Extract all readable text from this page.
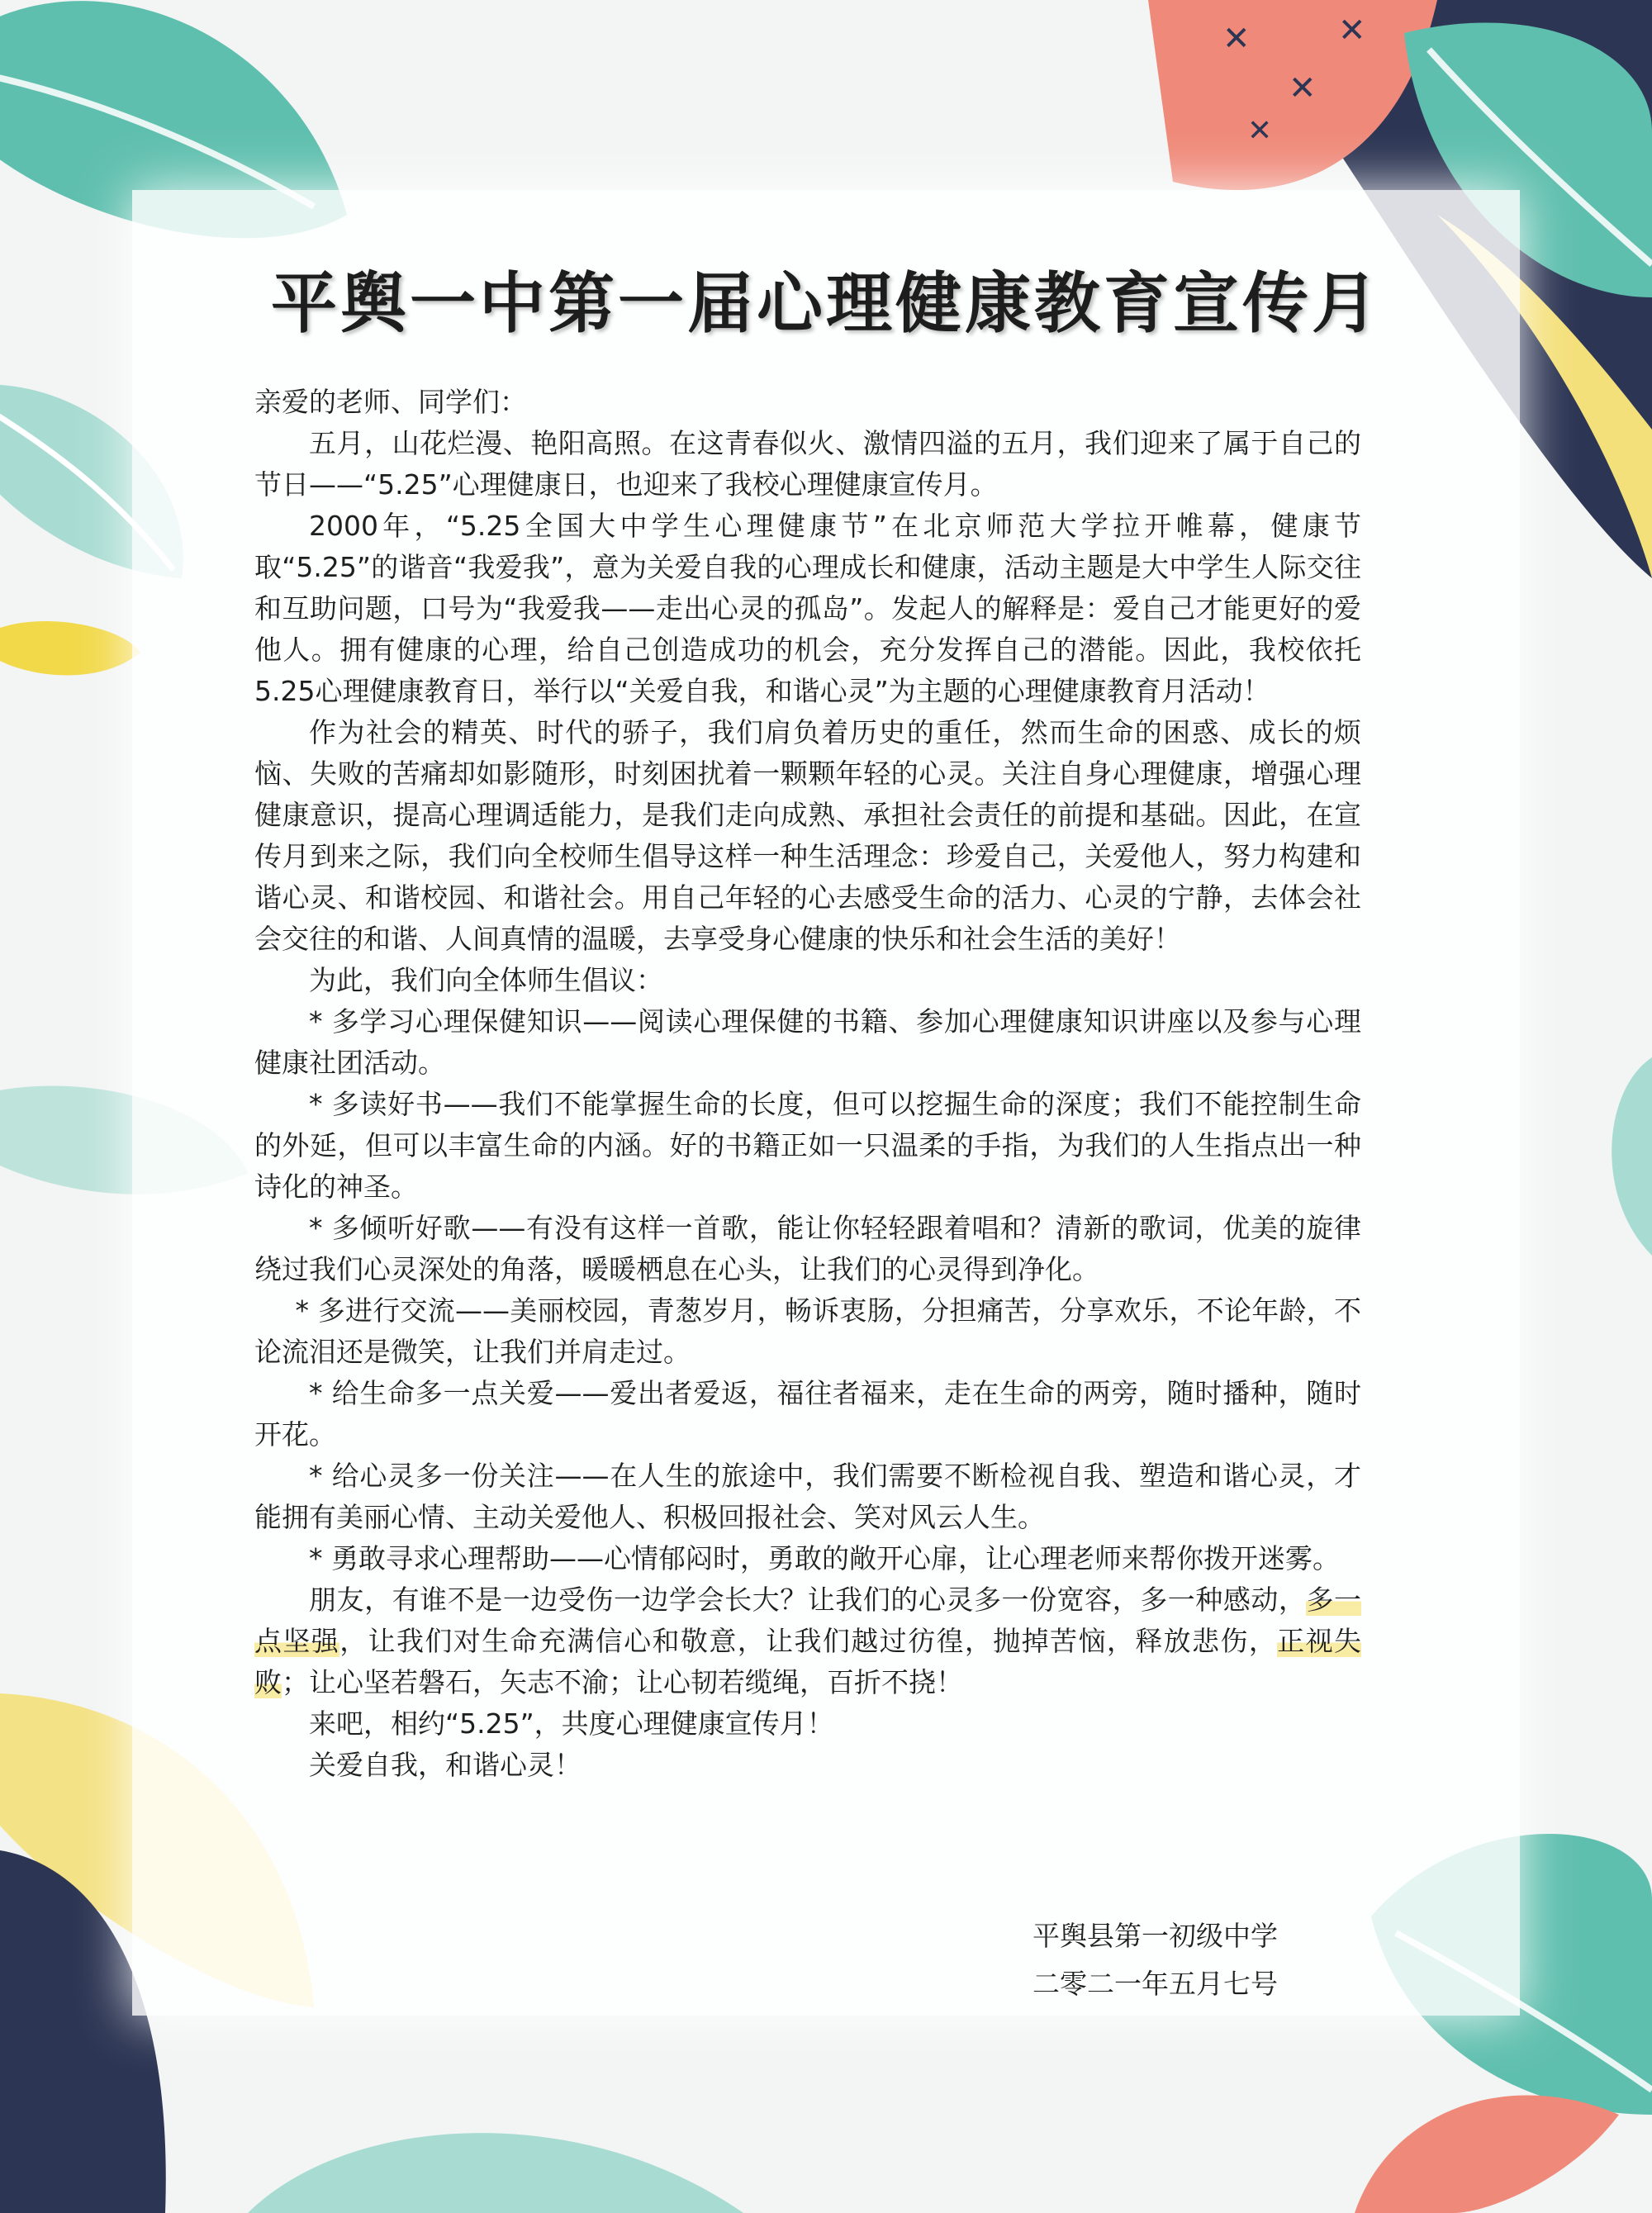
✕
✕
✕
✕
平舆一中第一届心理健康教育宣传月

亲爱的老师、同学们：

五月，山花烂漫、艳阳高照。在这青春似火、激情四溢的五月，我们迎来了属于自己的节日——“5.25”心理健康日，也迎来了我校心理健康宣传月。

2000年，“5.25全国大中学生心理健康节”在北京师范大学拉开帷幕，健康节取“5.25”的谐音“我爱我”，意为关爱自我的心理成长和健康，活动主题是大中学生人际交往和互助问题，口号为“我爱我——走出心灵的孤岛”。发起人的解释是：爱自己才能更好的爱他人。拥有健康的心理，给自己创造成功的机会，充分发挥自己的潜能。因此，我校依托5.25心理健康教育日，举行以“关爱自我，和谐心灵”为主题的心理健康教育月活动！

作为社会的精英、时代的骄子，我们肩负着历史的重任，然而生命的困惑、成长的烦恼、失败的苦痛却如影随形，时刻困扰着一颗颗年轻的心灵。关注自身心理健康，增强心理健康意识，提高心理调适能力，是我们走向成熟、承担社会责任的前提和基础。因此，在宣传月到来之际，我们向全校师生倡导这样一种生活理念：珍爱自己，关爱他人，努力构建和谐心灵、和谐校园、和谐社会。用自己年轻的心去感受生命的活力、心灵的宁静，去体会社会交往的和谐、人间真情的温暖，去享受身心健康的快乐和社会生活的美好！

为此，我们向全体师生倡议：

* 多学习心理保健知识——阅读心理保健的书籍、参加心理健康知识讲座以及参与心理健康社团活动。

* 多读好书——我们不能掌握生命的长度，但可以挖掘生命的深度；我们不能控制生命的外延，但可以丰富生命的内涵。好的书籍正如一只温柔的手指，为我们的人生指点出一种诗化的神圣。

* 多倾听好歌——有没有这样一首歌，能让你轻轻跟着唱和？清新的歌词，优美的旋律绕过我们心灵深处的角落，暖暖栖息在心头，让我们的心灵得到净化。

* 多进行交流——美丽校园，青葱岁月，畅诉衷肠，分担痛苦，分享欢乐，不论年龄，不论流泪还是微笑，让我们并肩走过。

* 给生命多一点关爱——爱出者爱返，福往者福来，走在生命的两旁，随时播种，随时开花。

* 给心灵多一份关注——在人生的旅途中，我们需要不断检视自我、塑造和谐心灵，才能拥有美丽心情、主动关爱他人、积极回报社会、笑对风云人生。

* 勇敢寻求心理帮助——心情郁闷时，勇敢的敞开心扉，让心理老师来帮你拨开迷雾。

朋友，有谁不是一边受伤一边学会长大？让我们的心灵多一份宽容，多一种感动，多一点坚强，让我们对生命充满信心和敬意，让我们越过彷徨，抛掉苦恼，释放悲伤，正视失败；让心坚若磐石，矢志不渝；让心韧若缆绳，百折不挠！

来吧，相约“5.25”，共度心理健康宣传月！

关爱自我，和谐心灵！

平舆县第一初级中学
二零二一年五月七号
